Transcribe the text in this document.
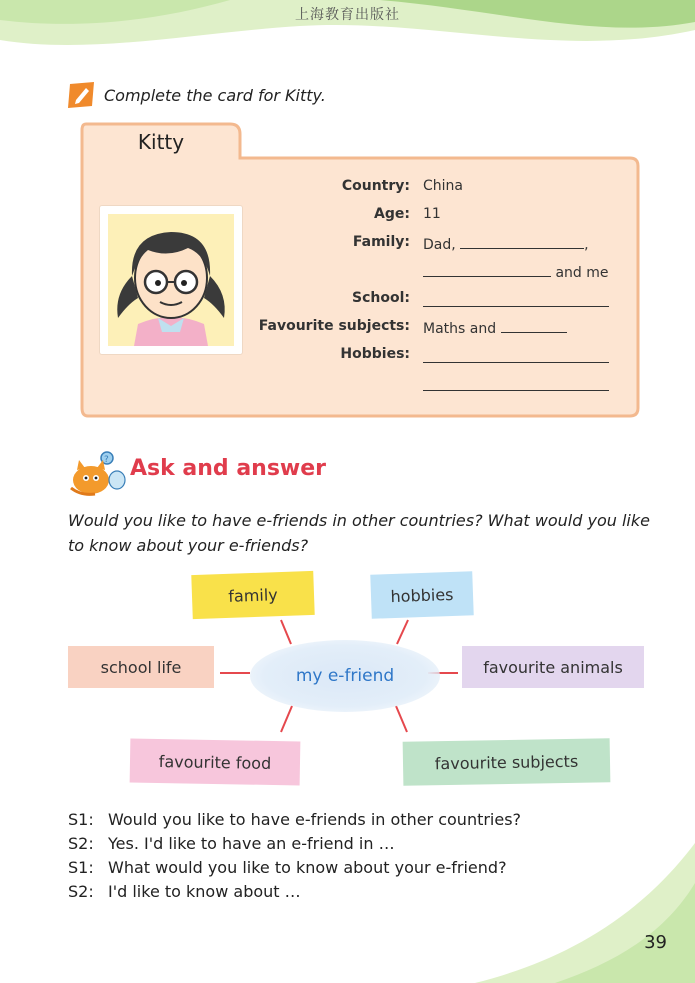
上海教育出版社
Complete the card for Kitty.
Kitty
Country: China
Age: 11
Family: Dad,	,
and me
School:
Favourite subjects: Maths and
Hobbies:
? Ask and answer
Would you like to have e-friends in other countries? What would you like to know about your e-friends?
family	hobbies
school life	favourite animals
favourite food	favourite subjects
my e-friend
S1: Would you like to have e-friends in other countries?
S2: Yes. I'd like to have an e-friend in …
S1: What would you like to know about your e-friend?
S2: I'd like to know about …
39
